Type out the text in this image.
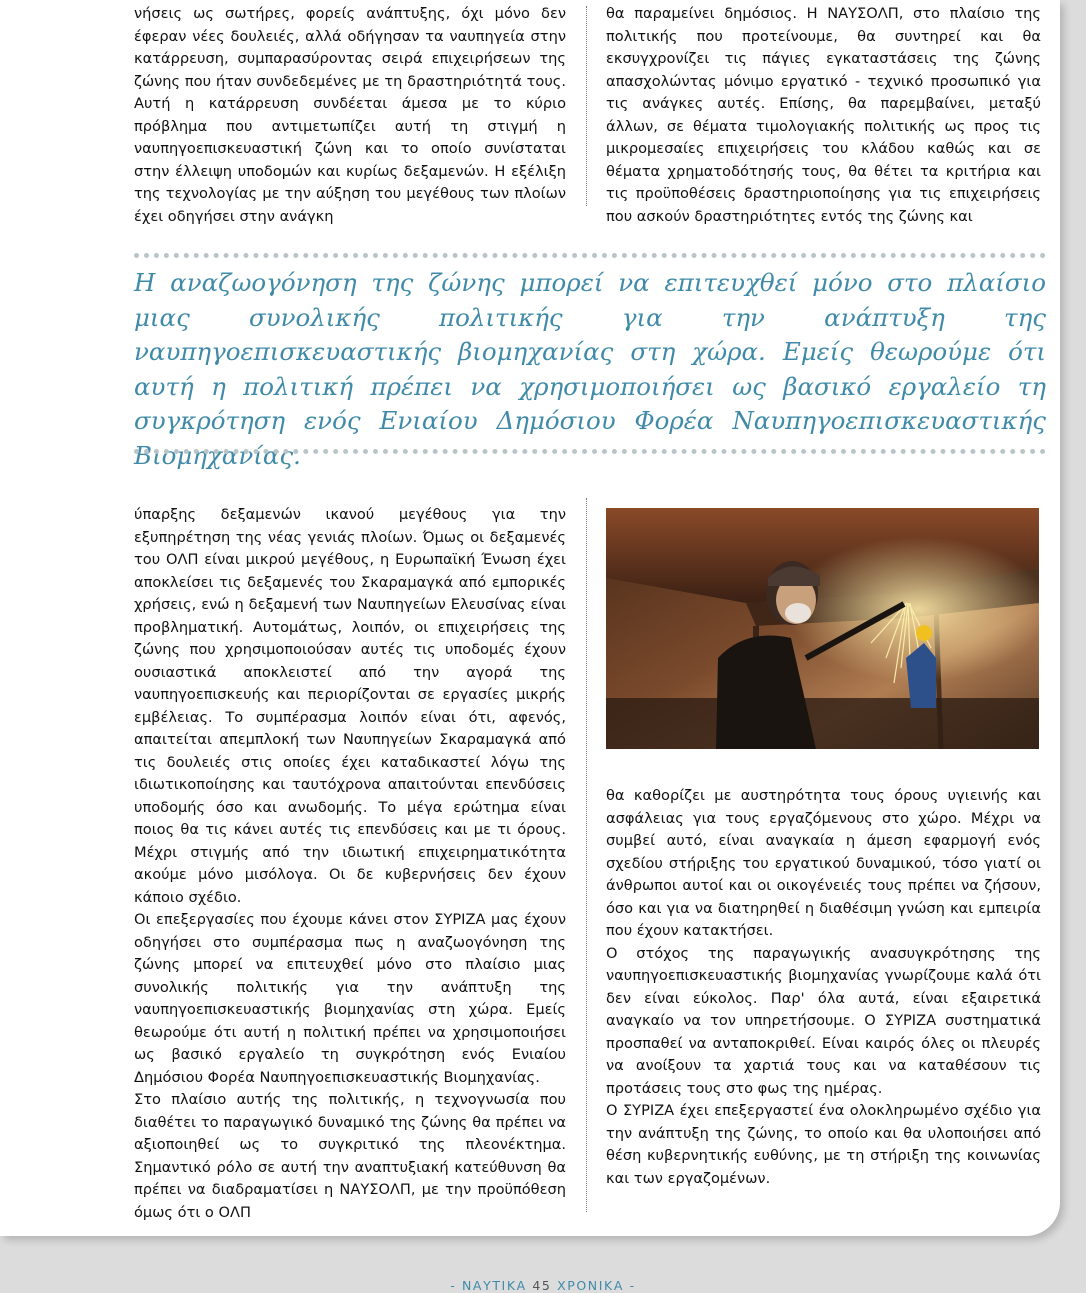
νήσεις ως σωτήρες, φορείς ανάπτυξης, όχι μόνο δεν έφεραν νέες δουλειές, αλλά οδήγησαν τα ναυπηγεία στην κατάρρευση, συμπαρασύροντας σειρά επιχειρήσεων της ζώνης που ήταν συνδεδεμένες με τη δραστηριότητά τους. Αυτή η κατάρρευση συνδέεται άμεσα με το κύριο πρόβλημα που αντιμετωπίζει αυτή τη στιγμή η ναυπηγοεπισκευαστική ζώνη και το οποίο συνίσταται στην έλλειψη υποδομών και κυρίως δεξαμενών. Η εξέλιξη της τεχνολογίας με την αύξηση του μεγέθους των πλοίων έχει οδηγήσει στην ανάγκη

θα παραμείνει δημόσιος. Η ΝΑΥΣΟΛΠ, στο πλαίσιο της πολιτικής που προτείνουμε, θα συντηρεί και θα εκσυγχρονίζει τις πάγιες εγκαταστάσεις της ζώνης απασχολώντας μόνιμο εργατικό - τεχνικό προσωπικό για τις ανάγκες αυτές. Επίσης, θα παρεμβαίνει, μεταξύ άλλων, σε θέματα τιμολογιακής πολιτικής ως προς τις μικρομεσαίες επιχειρήσεις του κλάδου καθώς και σε θέματα χρηματοδότησής τους, θα θέτει τα κριτήρια και τις προϋποθέσεις δραστηριοποίησης για τις επιχειρήσεις που ασκούν δραστηριότητες εντός της ζώνης και

Η αναζωογόνηση της ζώνης μπορεί να επιτευχθεί μόνο στο πλαίσιο μιας συνολικής πολιτικής για την ανάπτυξη της ναυπηγοεπισκευαστικής βιομηχανίας στη χώρα. Εμείς θεωρούμε ότι αυτή η πολιτική πρέπει να χρησιμοποιήσει ως βασικό εργαλείο τη συγκρότηση ενός Ενιαίου Δημόσιου Φορέα Ναυπηγοεπισκευαστικής Βιομηχανίας.

ύπαρξης δεξαμενών ικανού μεγέθους για την εξυπηρέτηση της νέας γενιάς πλοίων. Όμως οι δεξαμενές του ΟΛΠ είναι μικρού μεγέθους, η Ευρωπαϊκή Ένωση έχει αποκλείσει τις δεξαμενές του Σκαραμαγκά από εμπορικές χρήσεις, ενώ η δεξαμενή των Ναυπηγείων Ελευσίνας είναι προβληματική. Αυτομάτως, λοιπόν, οι επιχειρήσεις της ζώνης που χρησιμοποιούσαν αυτές τις υποδομές έχουν ουσιαστικά αποκλειστεί από την αγορά της ναυπηγοεπισκευής και περιορίζονται σε εργασίες μικρής εμβέλειας. Το συμπέρασμα λοιπόν είναι ότι, αφενός, απαιτείται απεμπλοκή των Ναυπηγείων Σκαραμαγκά από τις δουλειές στις οποίες έχει καταδικαστεί λόγω της ιδιωτικοποίησης και ταυτόχρονα απαιτούνται επενδύσεις υποδομής όσο και ανωδομής. Το μέγα ερώτημα είναι ποιος θα τις κάνει αυτές τις επενδύσεις και με τι όρους. Μέχρι στιγμής από την ιδιωτική επιχειρηματικότητα ακούμε μόνο μισόλογα. Οι δε κυβερνήσεις δεν έχουν κάποιο σχέδιο.

Οι επεξεργασίες που έχουμε κάνει στον ΣΥΡΙΖΑ μας έχουν οδηγήσει στο συμπέρασμα πως η αναζωογόνηση της ζώνης μπορεί να επιτευχθεί μόνο στο πλαίσιο μιας συνολικής πολιτικής για την ανάπτυξη της ναυπηγοεπισκευαστικής βιομηχανίας στη χώρα. Εμείς θεωρούμε ότι αυτή η πολιτική πρέπει να χρησιμοποιήσει ως βασικό εργαλείο τη συγκρότηση ενός Ενιαίου Δημόσιου Φορέα Ναυπηγοεπισκευαστικής Βιομηχανίας.

Στο πλαίσιο αυτής της πολιτικής, η τεχνογνωσία που διαθέτει το παραγωγικό δυναμικό της ζώνης θα πρέπει να αξιοποιηθεί ως το συγκριτικό της πλεονέκτημα. Σημαντικό ρόλο σε αυτή την αναπτυξιακή κατεύθυνση θα πρέπει να διαδραματίσει η ΝΑΥΣΟΛΠ, με την προϋπόθεση όμως ότι ο ΟΛΠ

θα καθορίζει με αυστηρότητα τους όρους υγιεινής και ασφάλειας για τους εργαζόμενους στο χώρο. Μέχρι να συμβεί αυτό, είναι αναγκαία η άμεση εφαρμογή ενός σχεδίου στήριξης του εργατικού δυναμικού, τόσο γιατί οι άνθρωποι αυτοί και οι οικογένειές τους πρέπει να ζήσουν, όσο και για να διατηρηθεί η διαθέσιμη γνώση και εμπειρία που έχουν κατακτήσει.

Ο στόχος της παραγωγικής ανασυγκρότησης της ναυπηγοεπισκευαστικής βιομηχανίας γνωρίζουμε καλά ότι δεν είναι εύκολος. Παρ' όλα αυτά, είναι εξαιρετικά αναγκαίο να τον υπηρετήσουμε. Ο ΣΥΡΙΖΑ συστηματικά προσπαθεί να ανταποκριθεί. Είναι καιρός όλες οι πλευρές να ανοίξουν τα χαρτιά τους και να καταθέσουν τις προτάσεις τους στο φως της ημέρας.

Ο ΣΥΡΙΖΑ έχει επεξεργαστεί ένα ολοκληρωμένο σχέδιο για την ανάπτυξη της ζώνης, το οποίο και θα υλοποιήσει από θέση κυβερνητικής ευθύνης, με τη στήριξη της κοινωνίας και των εργαζομένων.

- ΝΑΥΤΙΚΑ 45 ΧΡΟΝΙΚΑ -
